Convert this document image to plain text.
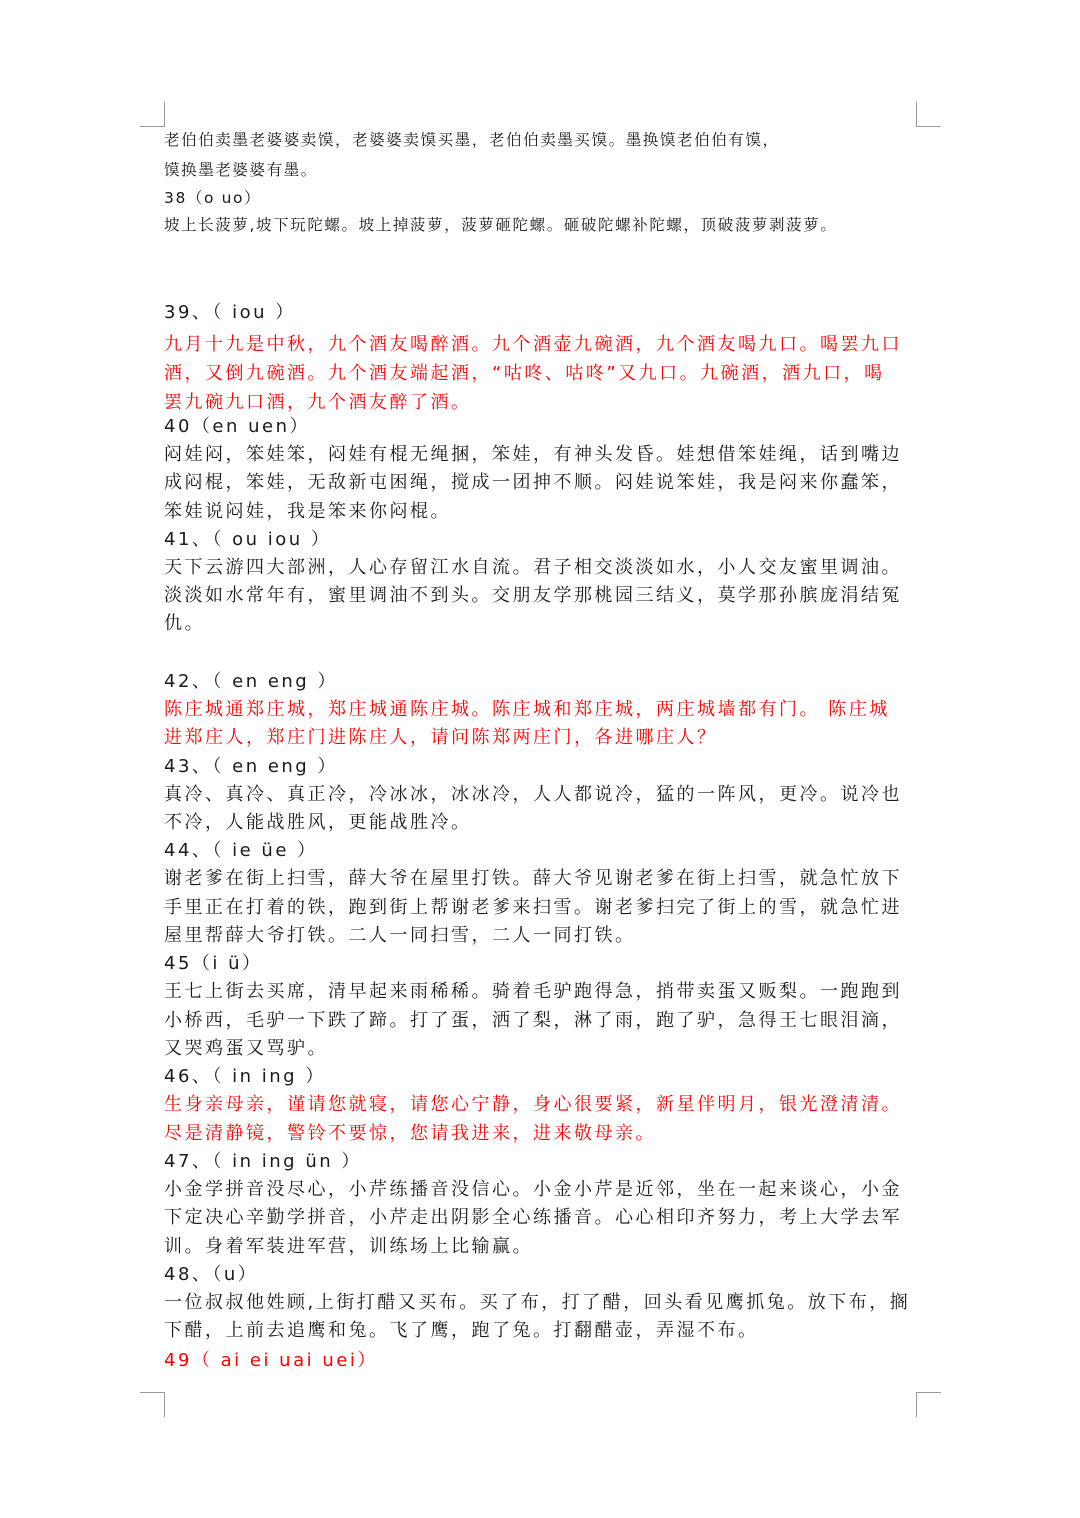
老伯伯卖墨老婆婆卖馍，老婆婆卖馍买墨，老伯伯卖墨买馍。墨换馍老伯伯有馍，
馍换墨老婆婆有墨。
38（o uo）
坡上长菠萝,坡下玩陀螺。坡上掉菠萝，菠萝砸陀螺。砸破陀螺补陀螺，顶破菠萝剥菠萝。
39、（ iou ）
九月十九是中秋，九个酒友喝醉酒。九个酒壶九碗酒，九个酒友喝九口。喝罢九口
酒，又倒九碗酒。九个酒友端起酒，“咕咚、咕咚”又九口。九碗酒，酒九口，喝
罢九碗九口酒，九个酒友醉了酒。
40（en uen）
闷娃闷，笨娃笨，闷娃有棍无绳捆，笨娃，有神头发昏。娃想借笨娃绳，话到嘴边
成闷棍，笨娃，无敌新屯困绳，搅成一团抻不顺。闷娃说笨娃，我是闷来你蠢笨，
笨娃说闷娃，我是笨来你闷棍。
41、（ ou iou ）
天下云游四大部洲，人心存留江水自流。君子相交淡淡如水，小人交友蜜里调油。
淡淡如水常年有，蜜里调油不到头。交朋友学那桃园三结义，莫学那孙膑庞涓结冤
仇。
42、（ en eng ）
陈庄城通郑庄城，郑庄城通陈庄城。陈庄城和郑庄城，两庄城墙都有门。 陈庄城
进郑庄人，郑庄门进陈庄人，请问陈郑两庄门，各进哪庄人？
43、（ en eng ）
真冷、真冷、真正冷，冷冰冰，冰冰冷，人人都说冷，猛的一阵风，更冷。说冷也
不冷，人能战胜风，更能战胜冷。
44、（ ie üe ）
谢老爹在街上扫雪，薛大爷在屋里打铁。薛大爷见谢老爹在街上扫雪，就急忙放下
手里正在打着的铁，跑到街上帮谢老爹来扫雪。谢老爹扫完了街上的雪，就急忙进
屋里帮薛大爷打铁。二人一同扫雪，二人一同打铁。
45（i ü）
王七上街去买席，清早起来雨稀稀。骑着毛驴跑得急，捎带卖蛋又贩梨。一跑跑到
小桥西，毛驴一下跌了蹄。打了蛋，洒了梨，淋了雨，跑了驴，急得王七眼泪滴，
又哭鸡蛋又骂驴。
46、（ in ing ）
生身亲母亲，谨请您就寝，请您心宁静，身心很要紧，新星伴明月，银光澄清清。
尽是清静镜，警铃不要惊，您请我进来，进来敬母亲。
47、（ in ing ün ）
小金学拼音没尽心，小芹练播音没信心。小金小芹是近邻，坐在一起来谈心，小金
下定决心辛勤学拼音，小芹走出阴影全心练播音。心心相印齐努力，考上大学去军
训。身着军装进军营，训练场上比输赢。
48、（u）
一位叔叔他姓顾,上街打醋又买布。买了布，打了醋，回头看见鹰抓兔。放下布，搁
下醋，上前去追鹰和兔。飞了鹰，跑了兔。打翻醋壶，弄湿不布。
49（ ai ei uai uei）
